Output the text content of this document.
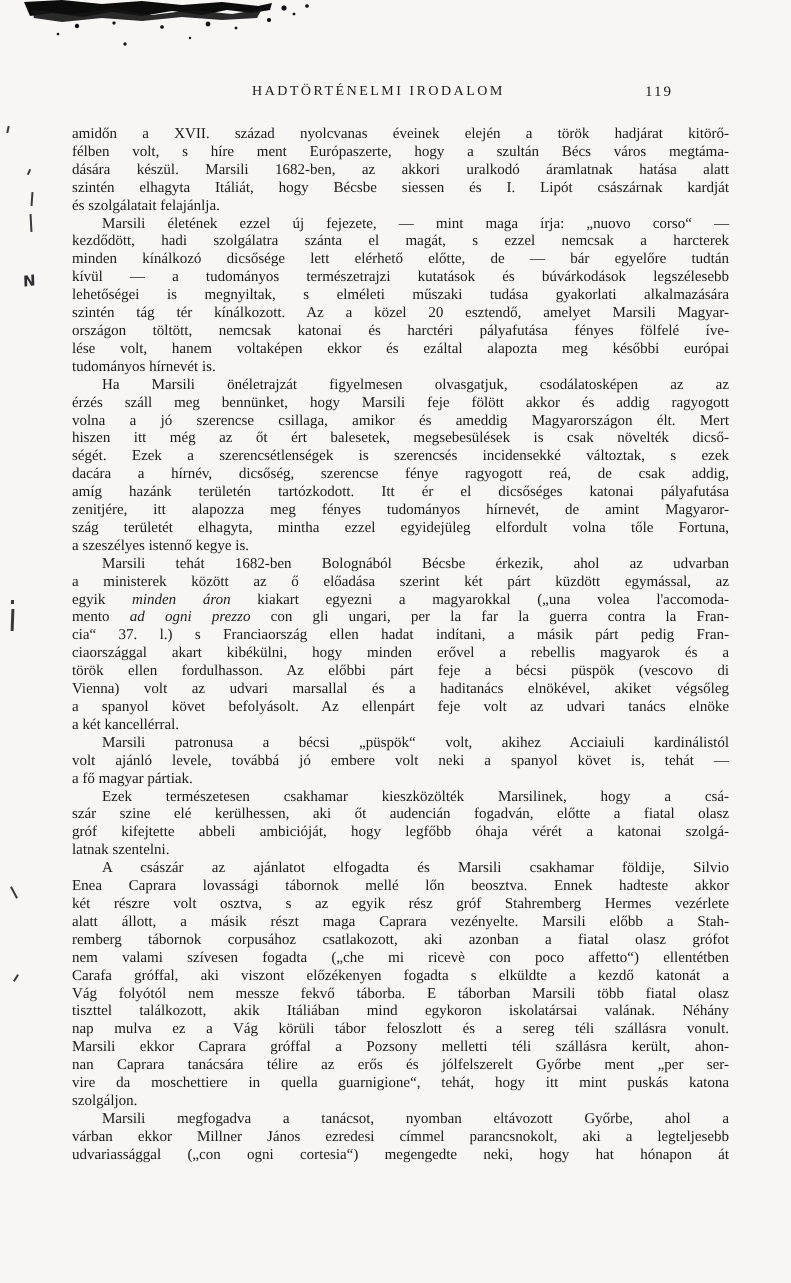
HADTÖRTÉNELMI IRODALOM	119
amidőn a XVII. század nyolcvanas éveinek elején a török hadjárat kitörő-
félben volt, s híre ment Európaszerte, hogy a szultán Bécs város megtáma-
dására készül. Marsili 1682-ben, az akkori uralkodó áramlatnak hatása alatt
szintén elhagyta Itáliát, hogy Bécsbe siessen és I. Lipót császárnak kardját
és szolgálatait felajánlja.
Marsili életének ezzel új fejezete, — mint maga írja: „nuovo corso“ —
kezdődött, hadi szolgálatra szánta el magát, s ezzel nemcsak a harcterek
minden kínálkozó dicsősége lett elérhető előtte, de — bár egyelőre tudtán
kívül — a tudományos természetrajzi kutatások és búvárkodások legszélesebb
lehetőségei is megnyiltak, s elméleti műszaki tudása gyakorlati alkalmazására
szintén tág tér kínálkozott. Az a közel 20 esztendő, amelyet Marsili Magyar-
országon töltött, nemcsak katonai és harctéri pályafutása fényes fölfelé íve-
lése volt, hanem voltaképen ekkor és ezáltal alapozta meg későbbi európai
tudományos hírnevét is.
Ha Marsili önéletrajzát figyelmesen olvasgatjuk, csodálatosképen az az
érzés száll meg bennünket, hogy Marsili feje fölött akkor és addig ragyogott
volna a jó szerencse csillaga, amikor és ameddig Magyarországon élt. Mert
hiszen itt még az őt ért balesetek, megsebesülések is csak növelték dicső-
ségét. Ezek a szerencsétlenségek is szerencsés incidensekké változtak, s ezek
dacára a hírnév, dicsőség, szerencse fénye ragyogott reá, de csak addig,
amíg hazánk területén tartózkodott. Itt ér el dicsőséges katonai pályafutása
zenitjére, itt alapozza meg fényes tudományos hírnevét, de amint Magyaror-
szág területét elhagyta, mintha ezzel egyidejüleg elfordult volna tőle Fortuna,
a szeszélyes istennő kegye is.
Marsili tehát 1682-ben Bolognából Bécsbe érkezik, ahol az udvarban
a ministerek között az ő előadása szerint két párt küzdött egymással, az
egyik minden áron kiakart egyezni a magyarokkal („una volea l'accomoda-
mento ad ogni prezzo con gli ungari, per la far la guerra contra la Fran-
cia“ 37. l.) s Franciaország ellen hadat indítani, a másik párt pedig Fran-
ciaországgal akart kibékülni, hogy minden erővel a rebellis magyarok és a
török ellen fordulhasson. Az előbbi párt feje a bécsi püspök (vescovo di
Vienna) volt az udvari marsallal és a haditanács elnökével, akiket végsőleg
a spanyol követ befolyásolt. Az ellenpárt feje volt az udvari tanács elnöke
a két kancellérral.
Marsili patronusa a bécsi „püspök“ volt, akihez Acciaiuli kardinálistól
volt ajánló levele, továbbá jó embere volt neki a spanyol követ is, tehát —
a fő magyar pártiak.
Ezek természetesen csakhamar kieszközölték Marsilinek, hogy a csá-
szár szine elé kerülhessen, aki őt audencián fogadván, előtte a fiatal olasz
gróf kifejtette abbeli ambicióját, hogy legfőbb óhaja vérét a katonai szolgá-
latnak szentelni.
A császár az ajánlatot elfogadta és Marsili csakhamar földije, Silvio
Enea Caprara lovassági tábornok mellé lőn beosztva. Ennek hadteste akkor
két részre volt osztva, s az egyik rész gróf Stahremberg Hermes vezérlete
alatt állott, a másik részt maga Caprara vezényelte. Marsili előbb a Stah-
remberg tábornok corpusához csatlakozott, aki azonban a fiatal olasz grófot
nem valami szívesen fogadta („che mi ricevè con poco affetto“) ellentétben
Carafa gróffal, aki viszont előzékenyen fogadta s elküldte a kezdő katonát a
Vág folyótól nem messze fekvő táborba. E táborban Marsili több fiatal olasz
tiszttel találkozott, akik Itáliában mind egykoron iskolatársai valának. Néhány
nap mulva ez a Vág körüli tábor feloszlott és a sereg téli szállásra vonult.
Marsili ekkor Caprara gróffal a Pozsony melletti téli szállásra került, ahon-
nan Caprara tanácsára télire az erős és jólfelszerelt Győrbe ment „per ser-
vire da moschettiere in quella guarnigione“, tehát, hogy itt mint puskás katona
szolgáljon.
Marsili megfogadva a tanácsot, nyomban eltávozott Győrbe, ahol a
várban ekkor Millner János ezredesi címmel parancsnokolt, aki a legteljesebb
udvariassággal („con ogni cortesia“) megengedte neki, hogy hat hónapon át
N
